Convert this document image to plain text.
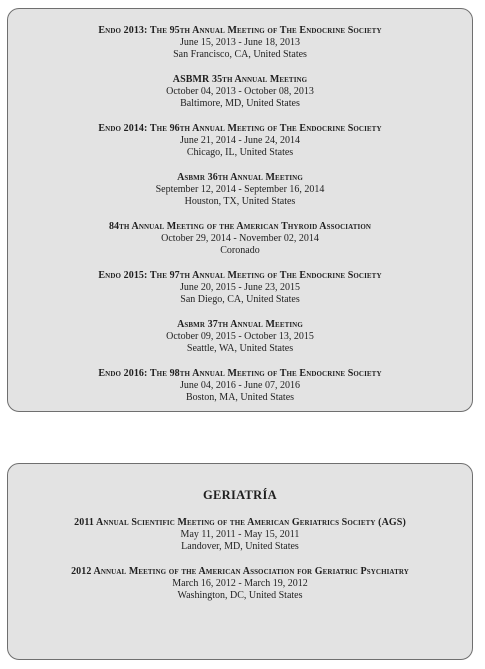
Endo 2013: The 95th Annual Meeting of The Endocrine Society
June 15, 2013 - June 18, 2013
San Francisco, CA, United States
ASBMR 35th Annual Meeting
October 04, 2013 - October 08, 2013
Baltimore, MD, United States
Endo 2014: The 96th Annual Meeting of The Endocrine Society
June 21, 2014 - June 24, 2014
Chicago, IL, United States
Asbmr 36th Annual Meeting
September 12, 2014 - September 16, 2014
Houston, TX, United States
84th Annual Meeting of the American Thyroid Association
October 29, 2014 - November 02, 2014
Coronado
Endo 2015: The 97th Annual Meeting of The Endocrine Society
June 20, 2015 - June 23, 2015
San Diego, CA, United States
Asbmr 37th Annual Meeting
October 09, 2015 - October 13, 2015
Seattle, WA, United States
Endo 2016: The 98th Annual Meeting of The Endocrine Society
June 04, 2016 - June 07, 2016
Boston, MA, United States
GERIATRÍA
2011 Annual Scientific Meeting of the American Geriatrics Society (AGS)
May 11, 2011 - May 15, 2011
Landover, MD, United States
2012 Annual Meeting of the American Association for Geriatric Psychiatry
March 16, 2012 - March 19, 2012
Washington, DC, United States
